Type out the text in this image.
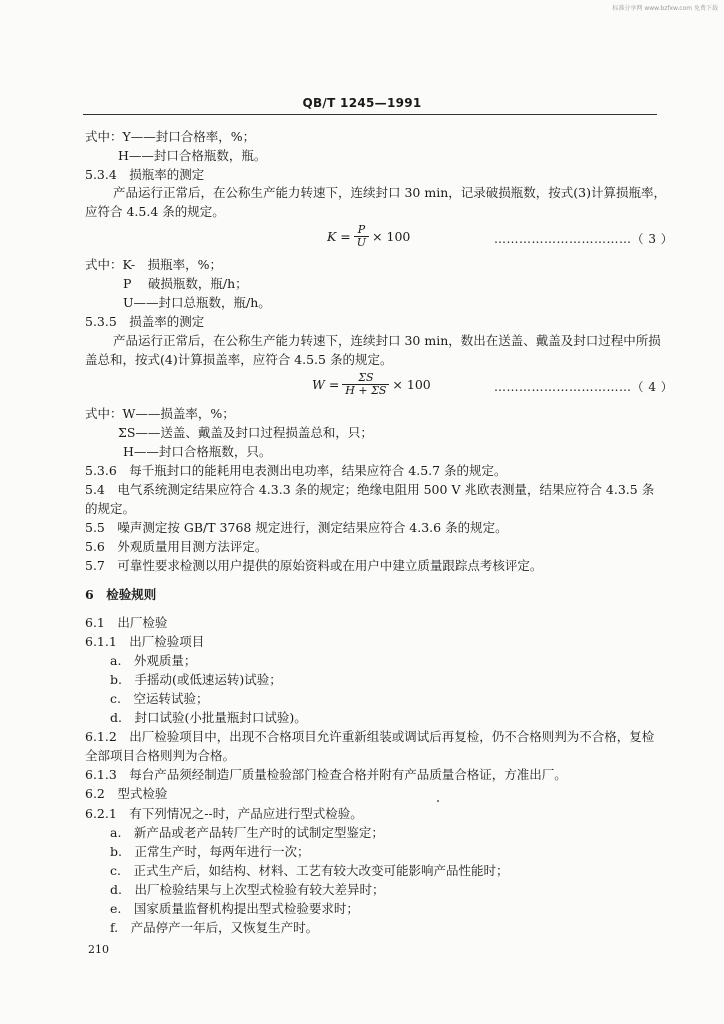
标准分享网 www.bzfxw.com 免费下载
QB/T 1245—1991
式中：Y——封口合格率，%；
H——封口合格瓶数，瓶。
5.3.4　损瓶率的测定
产品运行正常后，在公称生产能力转速下，连续封口 30 min，记录破损瓶数，按式(3)计算损瓶率，
应符合 4.5.4 条的规定。
$K = \frac{P}{U} \times 100$	……………………………（ 3 ）
式中：K-　损瓶率，%；
P　 破损瓶数，瓶/h；
U——封口总瓶数，瓶/h。
5.3.5　损盖率的测定
产品运行正常后，在公称生产能力转速下，连续封口 30 min，数出在送盖、戴盖及封口过程中所损
盖总和，按式(4)计算损盖率，应符合 4.5.5 条的规定。
$W = \frac{\Sigma S}{H + \Sigma S} \times 100$	……………………………（ 4 ）
式中：W——损盖率，%；
ΣS——送盖、戴盖及封口过程损盖总和，只；
H——封口合格瓶数，只。
5.3.6　每千瓶封口的能耗用电表测出电功率，结果应符合 4.5.7 条的规定。
5.4　电气系统测定结果应符合 4.3.3 条的规定；绝缘电阻用 500 V 兆欧表测量，结果应符合 4.3.5 条
的规定。
5.5　噪声测定按 GB/T 3768 规定进行，测定结果应符合 4.3.6 条的规定。
5.6　外观质量用目测方法评定。
5.7　可靠性要求检测以用户提供的原始资料或在用户中建立质量跟踪点考核评定。
6　检验规则
6.1　出厂检验
6.1.1　出厂检验项目
a.　外观质量；
b.　手摇动(或低速运转)试验；
c.　空运转试验；
d.　封口试验(小批量瓶封口试验)。
6.1.2　出厂检验项目中，出现不合格项目允许重新组装或调试后再复检，仍不合格则判为不合格，复检
全部项目合格则判为合格。
6.1.3　每台产品须经制造厂质量检验部门检查合格并附有产品质量合格证，方准出厂。
6.2　型式检验
6.2.1　有下列情况之--时，产品应进行型式检验。
a.　新产品或老产品转厂生产时的试制定型鉴定；
b.　正常生产时，每两年进行一次；
c.　正式生产后，如结构、材料、工艺有较大改变可能影响产品性能时；
d.　出厂检验结果与上次型式检验有较大差异时；
e.　国家质量监督机构提出型式检验要求时；
f.　产品停产一年后，又恢复生产时。
210
